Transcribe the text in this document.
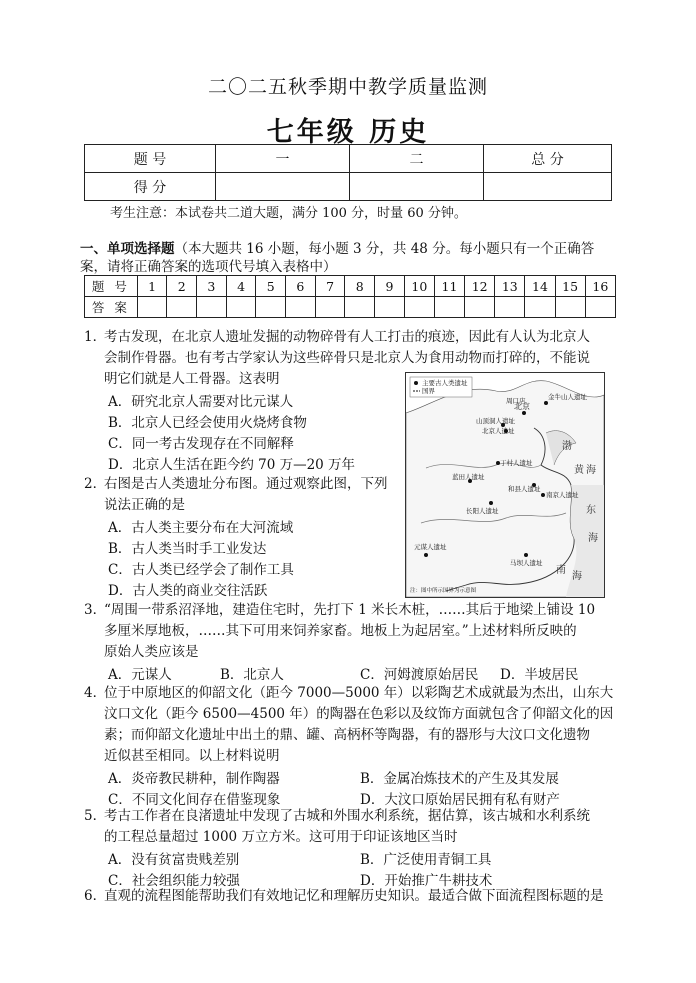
二〇二五秋季期中教学质量监测
七年级 历史
题 号	一	二	总 分
得 分			
考生注意：本试卷共二道大题，满分 100 分，时量 60 分钟。
一、单项选择题（本大题共 16 小题，每小题 3 分，共 48 分。每小题只有一个正确答案，请将正确答案的选项代号填入表格中）
题 号	1	2	3	4	5	6	7	8	9	10	11	12	13	14	15	16
答 案																
1．
考古发现，在北京人遗址发掘的动物碎骨有人工打击的痕迹，因此有人认为北京人
会制作骨器。也有考古学家认为这些碎骨只是北京人为食用动物而打碎的，不能说
明它们就是人工骨器。这表明
A．研究北京人需要对比元谋人
B．北京人已经会使用火烧烤食物
C．同一考古发现存在不同解释
D．北京人生活在距今约 70 万—20 万年
2．
右图是古人类遗址分布图。通过观察此图，下列
说法正确的是
A．古人类主要分布在大河流域
B．古人类当时手工业发达
C．古人类已经学会了制作工具
D．古人类的商业交往活跃
3．
“周围一带系沼泽地，建造住宅时，先打下 1 米长木桩，……其后于地梁上铺设 10
多厘米厚地板，……其下可用来饲养家畜。地板上为起居室。”上述材料所反映的
原始人类应该是
A．元谋人	B．北京人	C．河姆渡原始居民 D．半坡居民
4．
位于中原地区的仰韶文化（距今 7000—5000 年）以彩陶艺术成就最为杰出，山东大
汶口文化（距今 6500—4500 年）的陶器在色彩以及纹饰方面就包含了仰韶文化的因
素；而仰韶文化遗址中出土的鼎、罐、高柄杯等陶器，有的器形与大汶口文化遗物
近似甚至相同。以上材料说明
A．炎帝教民耕种，制作陶器	B．金属冶炼技术的产生及其发展
C．不同文化间存在借鉴现象	D．大汶口原始居民拥有私有财产
5．
考古工作者在良渚遗址中发现了古城和外围水利系统，据估算，该古城和水利系统
的工程总量超过 1000 万立方米。这可用于印证该地区当时
A．没有贫富贵贱差别	B．广泛使用青铜工具
C．社会组织能力较强	D．开始推广牛耕技术
6．
直观的流程图能帮助我们有效地记忆和理解历史知识。最适合做下面流程图标题的是
主要古人类遗址
国界
北京
周口店	金牛山人遗址
山顶洞人遗址
北京人遗址
丁村人遗址
蓝田人遗址
和县人遗址
南京人遗址
长阳人遗址
元谋人遗址
马坝人遗址
注：图中所示国界为示意图
渤
黄 海
东
海
南
海
